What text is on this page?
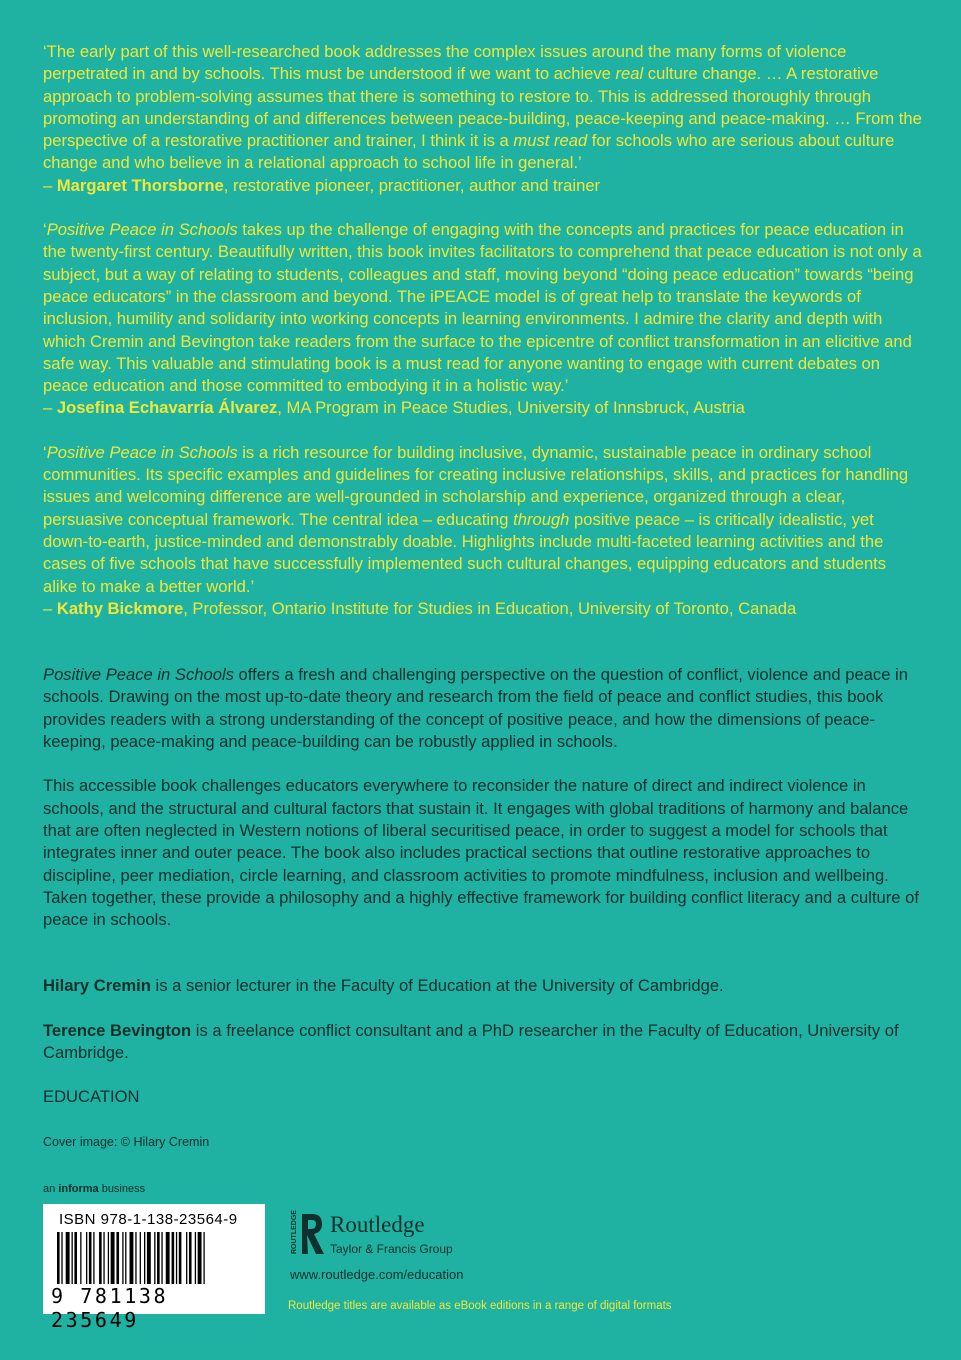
‘The early part of this well-researched book addresses the complex issues around the many forms of violence perpetrated in and by schools. This must be understood if we want to achieve real culture change. … A restorative approach to problem-solving assumes that there is something to restore to. This is addressed thoroughly through promoting an understanding of and differences between peace-building, peace-keeping and peace-making. … From the perspective of a restorative practitioner and trainer, I think it is a must read for schools who are serious about culture change and who believe in a relational approach to school life in general.’
– Margaret Thorsborne, restorative pioneer, practitioner, author and trainer
‘Positive Peace in Schools takes up the challenge of engaging with the concepts and practices for peace education in the twenty-first century. Beautifully written, this book invites facilitators to comprehend that peace education is not only a subject, but a way of relating to students, colleagues and staff, moving beyond “doing peace education” towards “being peace educators” in the classroom and beyond. The iPEACE model is of great help to translate the keywords of inclusion, humility and solidarity into working concepts in learning environments. I admire the clarity and depth with which Cremin and Bevington take readers from the surface to the epicentre of conflict transformation in an elicitive and safe way. This valuable and stimulating book is a must read for anyone wanting to engage with current debates on peace education and those committed to embodying it in a holistic way.’
– Josefina Echavarría Álvarez, MA Program in Peace Studies, University of Innsbruck, Austria
‘Positive Peace in Schools is a rich resource for building inclusive, dynamic, sustainable peace in ordinary school communities. Its specific examples and guidelines for creating inclusive relationships, skills, and practices for handling issues and welcoming difference are well-grounded in scholarship and experience, organized through a clear, persuasive conceptual framework. The central idea – educating through positive peace – is critically idealistic, yet down-to-earth, justice-minded and demonstrably doable. Highlights include multi-faceted learning activities and the cases of five schools that have successfully implemented such cultural changes, equipping educators and students alike to make a better world.’
– Kathy Bickmore, Professor, Ontario Institute for Studies in Education, University of Toronto, Canada

Positive Peace in Schools offers a fresh and challenging perspective on the question of conflict, violence and peace in schools. Drawing on the most up-to-date theory and research from the field of peace and conflict studies, this book provides readers with a strong understanding of the concept of positive peace, and how the dimensions of peace-keeping, peace-making and peace-building can be robustly applied in schools.

This accessible book challenges educators everywhere to reconsider the nature of direct and indirect violence in schools, and the structural and cultural factors that sustain it. It engages with global traditions of harmony and balance that are often neglected in Western notions of liberal securitised peace, in order to suggest a model for schools that integrates inner and outer peace. The book also includes practical sections that outline restorative approaches to discipline, peer mediation, circle learning, and classroom activities to promote mindfulness, inclusion and wellbeing. Taken together, these provide a philosophy and a highly effective framework for building conflict literacy and a culture of peace in schools.

Hilary Cremin is a senior lecturer in the Faculty of Education at the University of Cambridge.

Terence Bevington is a freelance conflict consultant and a PhD researcher in the Faculty of Education, University of Cambridge.

EDUCATION

Cover image: © Hilary Cremin
an informa business
ISBN 978-1-138-23564-9
9 781138 235649
ROUTLEDGE Routledge
Taylor & Francis Group
www.routledge.com/education
Routledge titles are available as eBook editions in a range of digital formats
